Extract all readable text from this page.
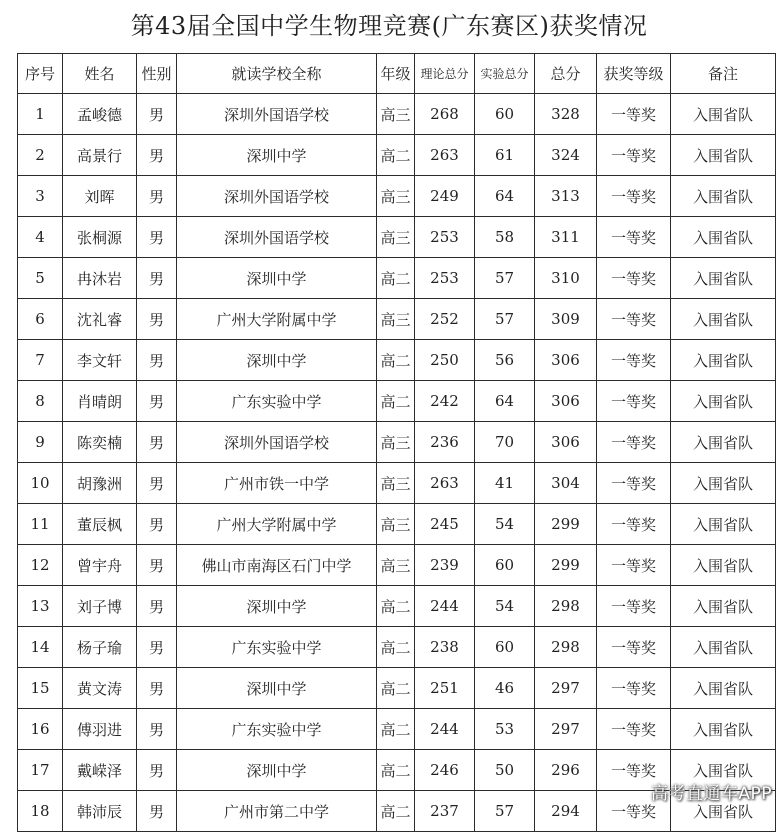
第43届全国中学生物理竞赛(广东赛区)获奖情况
序号	姓名	性别	就读学校全称	年级	理论总分	实验总分	总分	获奖等级	备注
1	孟峻德	男	深圳外国语学校	高三	268	60	328	一等奖	入围省队
2	高景行	男	深圳中学	高二	263	61	324	一等奖	入围省队
3	刘晖	男	深圳外国语学校	高三	249	64	313	一等奖	入围省队
4	张桐源	男	深圳外国语学校	高三	253	58	311	一等奖	入围省队
5	冉沐岩	男	深圳中学	高二	253	57	310	一等奖	入围省队
6	沈礼睿	男	广州大学附属中学	高三	252	57	309	一等奖	入围省队
7	李文轩	男	深圳中学	高二	250	56	306	一等奖	入围省队
8	肖晴朗	男	广东实验中学	高二	242	64	306	一等奖	入围省队
9	陈奕楠	男	深圳外国语学校	高三	236	70	306	一等奖	入围省队
10	胡豫洲	男	广州市铁一中学	高三	263	41	304	一等奖	入围省队
11	董辰枫	男	广州大学附属中学	高三	245	54	299	一等奖	入围省队
12	曾宇舟	男	佛山市南海区石门中学	高三	239	60	299	一等奖	入围省队
13	刘子博	男	深圳中学	高二	244	54	298	一等奖	入围省队
14	杨子瑜	男	广东实验中学	高二	238	60	298	一等奖	入围省队
15	黄文涛	男	深圳中学	高二	251	46	297	一等奖	入围省队
16	傅羽进	男	广东实验中学	高二	244	53	297	一等奖	入围省队
17	戴嵘泽	男	深圳中学	高二	246	50	296	一等奖	入围省队
18	韩沛辰	男	广州市第二中学	高二	237	57	294	一等奖	入围省队
高考直通车APP
